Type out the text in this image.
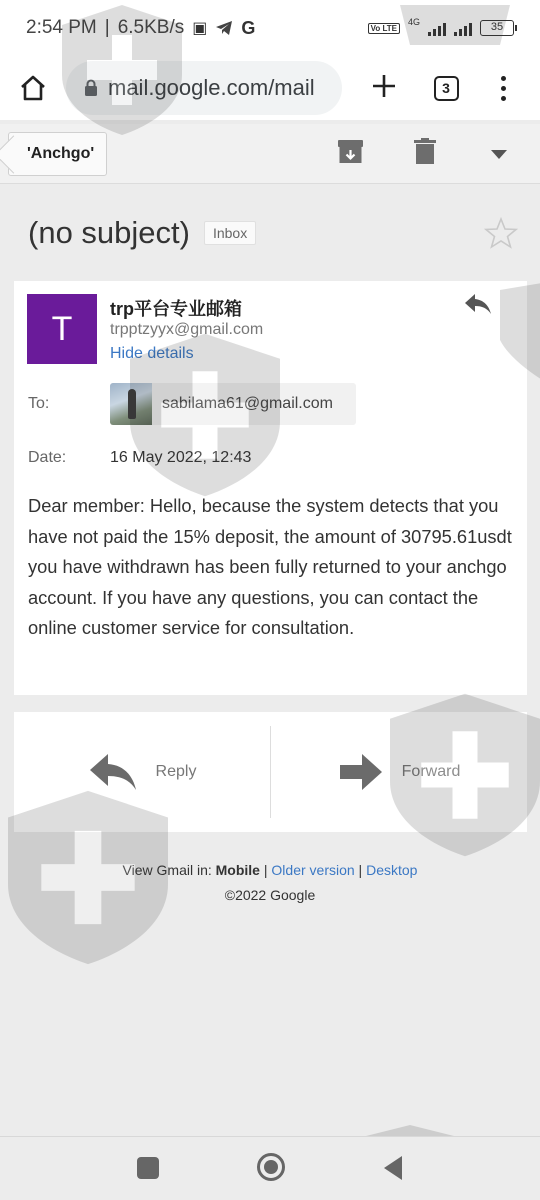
2:54 PM | 6.5KB/s ▣ G	Vo LTE
4G	35
mail.google.com/mail	3
'Anchgo'
(no subject)	Inbox
T
trp平台专业邮箱
trpptzyyx@gmail.com
Hide details
To:	sabilama61@gmail.com
Date:	16 May 2022, 12:43
Dear member: Hello, because the system detects that you have not paid the 15% deposit, the amount of 30795.61usdt you have withdrawn has been fully returned to your anchgo account. If you have any questions, you can contact the online customer service for consultation.
Reply	Forward
View Gmail in: Mobile | Older version | Desktop
©2022 Google
